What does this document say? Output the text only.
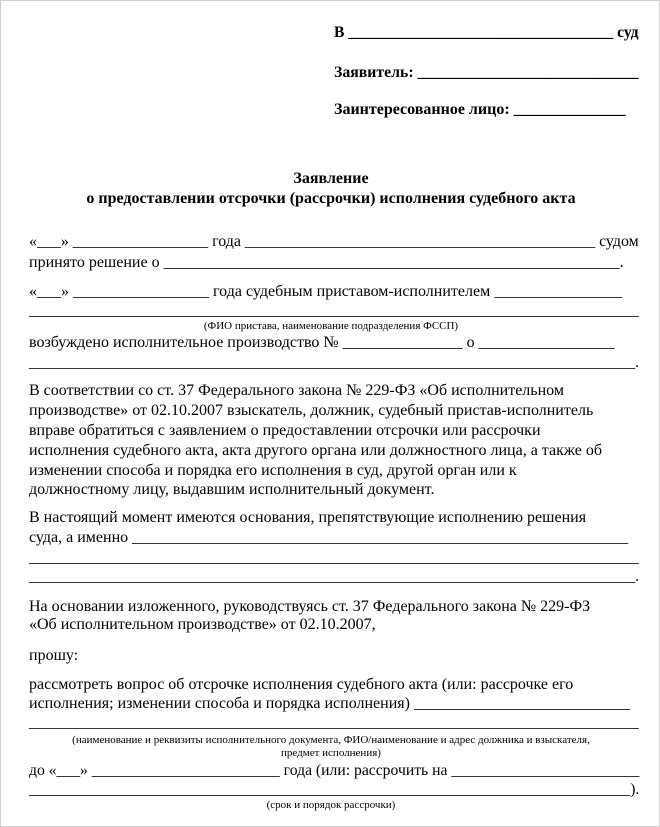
В __________________________________ суд
Заявитель: ____________________________
Заинтересованное лицо: ______________
Заявление
о предоставлении отсрочки (рассрочки) исполнения судебного акта
«___» _________________ года ____________________________________________ судом
принято решение о _________________________________________________________.
«___» _________________ года судебным приставом-исполнителем ________________
_____________________________________________________________________________
(ФИО пристава, наименование подразделения ФССП)
возбуждено исполнительное производство № _______________ о _________________
_____________________________________________________________________________.
В соответствии со ст. 37 Федерального закона № 229-ФЗ «Об исполнительном
производстве» от 02.10.2007 взыскатель, должник, судебный пристав-исполнитель
вправе обратиться с заявлением о предоставлении отсрочки или рассрочки
исполнения судебного акта, акта другого органа или должностного лица, а также об
изменении способа и порядка его исполнения в суд, другой орган или к
должностному лицу, выдавшим исполнительный документ.
В настоящий момент имеются основания, препятствующие исполнению решения
суда, а именно ______________________________________________________________
_____________________________________________________________________________
_____________________________________________________________________________.
На основании изложенного, руководствуясь ст. 37 Федерального закона № 229-ФЗ
«Об исполнительном производстве» от 02.10.2007,
прошу:
рассмотреть вопрос об отсрочке исполнения судебного акта (или: рассрочке его
исполнения; изменении способа и порядка исполнения) ___________________________
_____________________________________________________________________________
(наименование и реквизиты исполнительного документа, ФИО/наименование и адрес должника и взыскателя,
предмет исполнения)
до «___» ________________________ года (или: рассрочить на ________________________
_____________________________________________________________________________).
(срок и порядок рассрочки)
